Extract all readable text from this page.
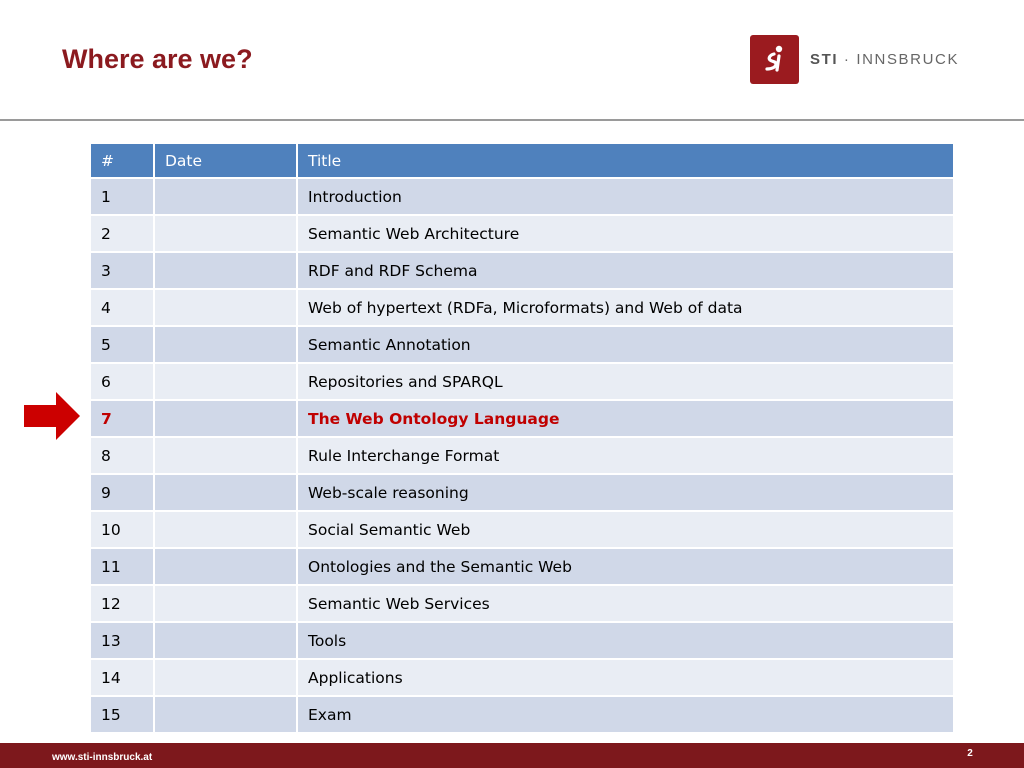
Where are we?	STI · INNSBRUCK
#	Date	Title
1		Introduction
2		Semantic Web Architecture
3		RDF and RDF Schema
4		Web of hypertext (RDFa, Microformats) and Web of data
5		Semantic Annotation
6		Repositories and SPARQL
7		The Web Ontology Language
8		Rule Interchange Format
9		Web-scale reasoning
10		Social Semantic Web
11		Ontologies and the Semantic Web
12		Semantic Web Services
13		Tools
14		Applications
15		Exam
www.sti-innsbruck.at	2
